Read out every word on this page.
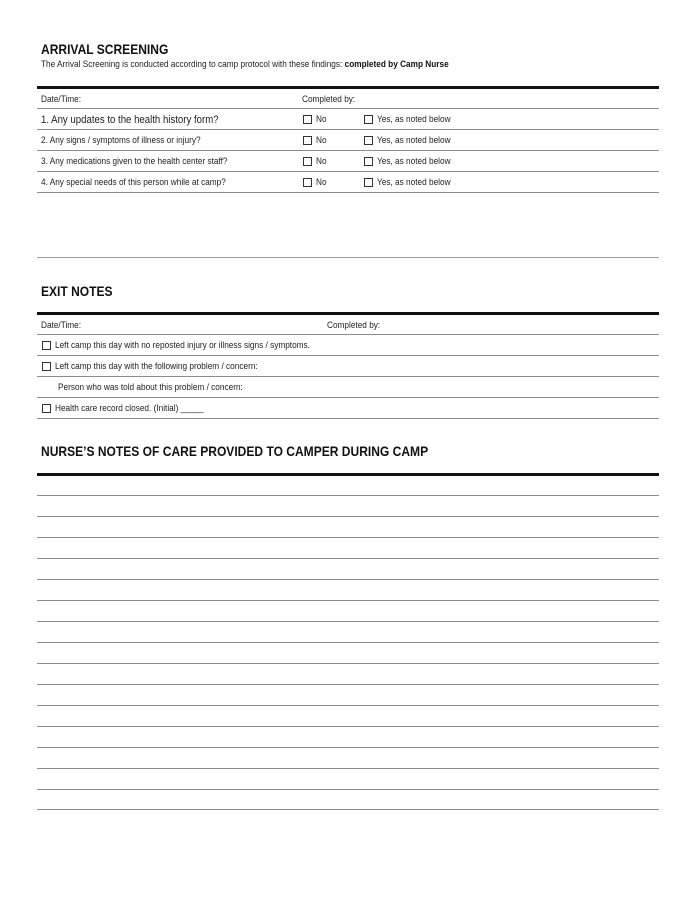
ARRIVAL SCREENING
The Arrival Screening is conducted according to camp protocol with these findings: completed by Camp Nurse
Date/Time:	Completed by:
1. Any updates to the health history form?	No	Yes, as noted below
2. Any signs / symptoms of illness or injury?	No	Yes, as noted below
3. Any medications given to the health center staff?	No	Yes, as noted below
4. Any special needs of this person while at camp?	No	Yes, as noted below
EXIT NOTES
Date/Time:	Completed by:
Left camp this day with no reposted injury or illness signs / symptoms.
Left camp this day with the following problem / concern:
Person who was told about this problem / concern:
Health care record closed. (Initial) _____
NURSE’S NOTES OF CARE PROVIDED TO CAMPER DURING CAMP
